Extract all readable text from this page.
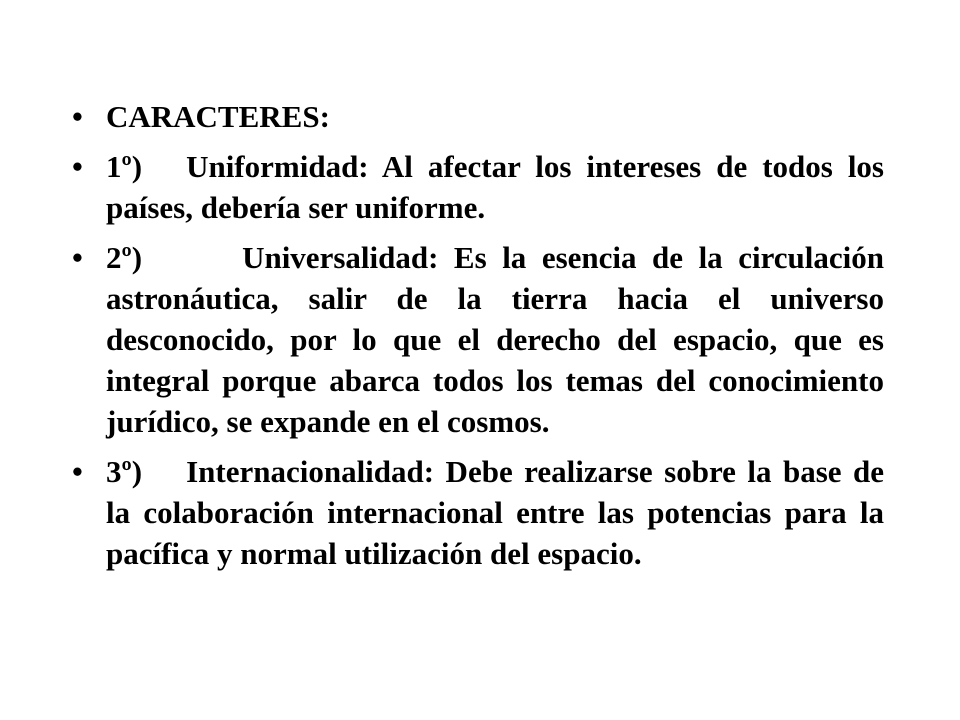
• CARACTERES:
• 1º) Uniformidad: Al afectar los intereses de todos los países, debería ser uniforme.
• 2º)	Universalidad: Es la esencia de la circulación astronáutica, salir de la tierra hacia el universo desconocido, por lo que el derecho del espacio, que es integral porque abarca todos los temas del conocimiento jurídico, se expande en el cosmos.
• 3º) Internacionalidad: Debe realizarse sobre la base de la colaboración internacional entre las potencias para la pacífica y normal utilización del espacio.
